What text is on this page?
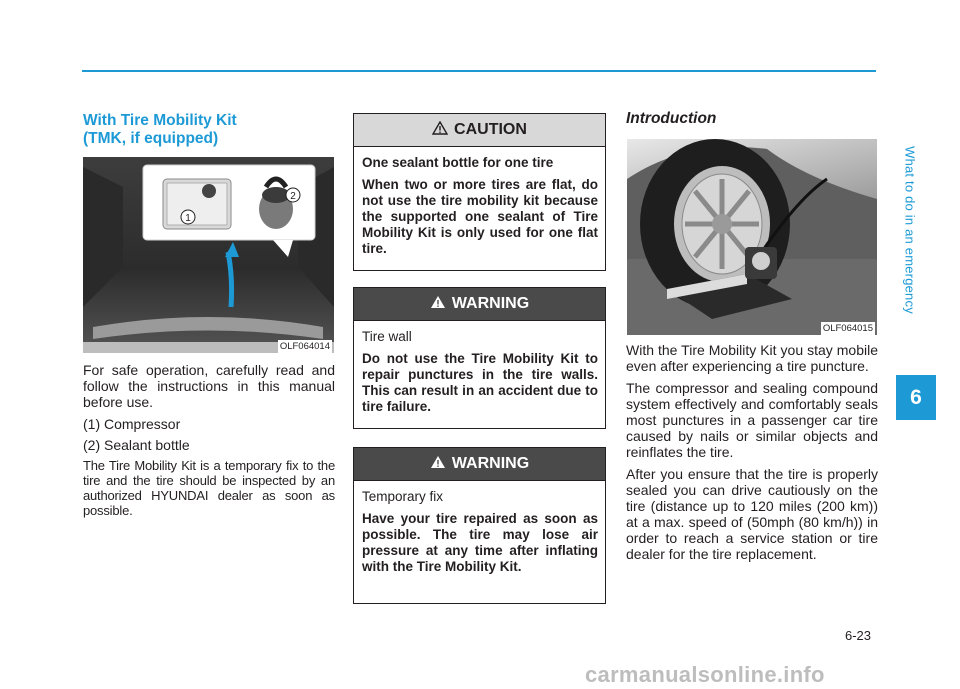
What to do in an emergency
6
With Tire Mobility Kit
(TMK, if equipped)
1
2
OLF064014

For safe operation, carefully read and follow the instructions in this manual before use.

(1) Compressor

(2) Sealant bottle

The Tire Mobility Kit is a temporary fix to the tire and the tire should be inspected by an authorized HYUNDAI dealer as soon as possible.

CAUTION

One sealant bottle for one tire

When two or more tires are flat, do not use the tire mobility kit because the supported one sealant of Tire Mobility Kit is only used for one flat tire.

WARNING

Tire wall

Do not use the Tire Mobility Kit to repair punctures in the tire walls. This can result in an accident due to tire failure.

WARNING

Temporary fix

Have your tire repaired as soon as possible. The tire may lose air pressure at any time after inflating with the Tire Mobility Kit.

Introduction
OLF064015

With the Tire Mobility Kit you stay mobile even after experiencing a tire puncture.

The compressor and sealing compound system effectively and comfortably seals most punctures in a passenger car tire caused by nails or similar objects and reinflates the tire.

After you ensure that the tire is properly sealed you can drive cautiously on the tire (distance up to 120 miles (200 km)) at a max. speed of (50mph (80 km/h)) in order to reach a service station or tire dealer for the tire replacement.

6-23
carmanualsonline.info
